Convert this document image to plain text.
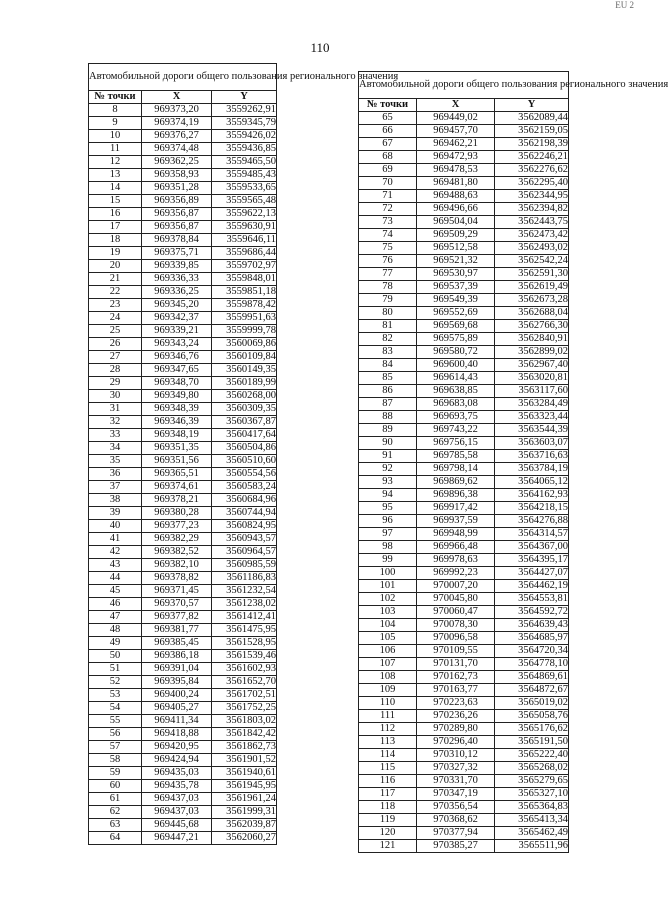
EU 2
110
Автомобильной дороги общего пользования регионального значения		
№ точки	X	Y
8	969373,20	3559262,91
9	969374,19	3559345,79
10	969376,27	3559426,02
11	969374,48	3559436,85
12	969362,25	3559465,50
13	969358,93	3559485,43
14	969351,28	3559533,65
15	969356,89	3559565,48
16	969356,87	3559622,13
17	969356,87	3559630,91
18	969378,84	3559646,11
19	969375,71	3559686,44
20	969339,85	3559702,97
21	969336,33	3559848,01
22	969336,25	3559851,18
23	969345,20	3559878,42
24	969342,37	3559951,63
25	969339,21	3559999,78
26	969343,24	3560069,86
27	969346,76	3560109,84
28	969347,65	3560149,35
29	969348,70	3560189,99
30	969349,80	3560268,00
31	969348,39	3560309,35
32	969346,39	3560367,87
33	969348,19	3560417,64
34	969351,35	3560504,86
35	969351,56	3560510,60
36	969365,51	3560554,56
37	969374,61	3560583,24
38	969378,21	3560684,96
39	969380,28	3560744,94
40	969377,23	3560824,95
41	969382,29	3560943,57
42	969382,52	3560964,57
43	969382,10	3560985,59
44	969378,82	3561186,83
45	969371,45	3561232,54
46	969370,57	3561238,02
47	969377,82	3561412,41
48	969381,77	3561475,95
49	969385,45	3561528,95
50	969386,18	3561539,46
51	969391,04	3561602,93
52	969395,84	3561652,70
53	969400,24	3561702,51
54	969405,27	3561752,25
55	969411,34	3561803,02
56	969418,88	3561842,42
57	969420,95	3561862,73
58	969424,94	3561901,52
59	969435,03	3561940,61
60	969435,78	3561945,95
61	969437,03	3561961,24
62	969437,03	3561999,31
63	969445,68	3562039,87
64	969447,21	3562060,27
Автомобильной дороги общего пользования регионального значения		
№ точки	X	Y
65	969449,02	3562089,44
66	969457,70	3562159,05
67	969462,21	3562198,39
68	969472,93	3562246,21
69	969478,53	3562276,62
70	969481,80	3562295,40
71	969488,63	3562344,95
72	969496,66	3562394,82
73	969504,04	3562443,75
74	969509,29	3562473,42
75	969512,58	3562493,02
76	969521,32	3562542,24
77	969530,97	3562591,30
78	969537,39	3562619,49
79	969549,39	3562673,28
80	969552,69	3562688,04
81	969569,68	3562766,30
82	969575,89	3562840,91
83	969580,72	3562899,02
84	969600,40	3562967,40
85	969614,43	3563020,81
86	969638,85	3563117,60
87	969683,08	3563284,49
88	969693,75	3563323,44
89	969743,22	3563544,39
90	969756,15	3563603,07
91	969785,58	3563716,63
92	969798,14	3563784,19
93	969869,62	3564065,12
94	969896,38	3564162,93
95	969917,42	3564218,15
96	969937,59	3564276,88
97	969948,99	3564314,57
98	969966,48	3564367,00
99	969978,63	3564395,17
100	969992,23	3564427,07
101	970007,20	3564462,19
102	970045,80	3564553,81
103	970060,47	3564592,72
104	970078,30	3564639,43
105	970096,58	3564685,97
106	970109,55	3564720,34
107	970131,70	3564778,10
108	970162,73	3564869,61
109	970163,77	3564872,67
110	970223,63	3565019,02
111	970236,26	3565058,76
112	970289,80	3565176,62
113	970296,40	3565191,50
114	970310,12	3565222,40
115	970327,32	3565268,02
116	970331,70	3565279,65
117	970347,19	3565327,10
118	970356,54	3565364,83
119	970368,62	3565413,34
120	970377,94	3565462,49
121	970385,27	3565511,96
